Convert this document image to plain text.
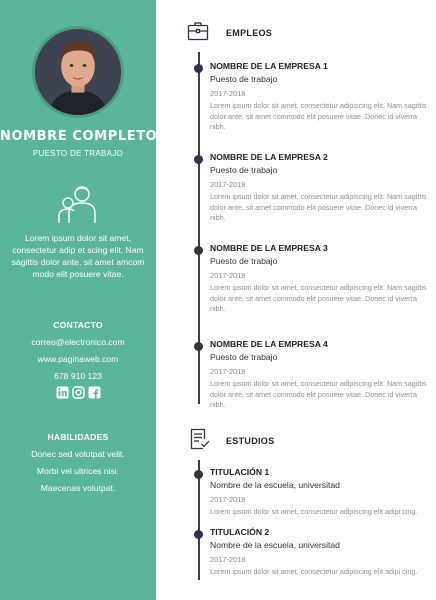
NOMBRE COMPLETO
PUESTO DE TRABAJO
Lorem ipsum dolor sit amet, consectetur adip et scing elit. Nam sagittis dolor ante, sit amet amcom modo elit posuere vitae.
CONTACTO
correo@electronico.com
www.paginaweb.com
678 910 123
HABILIDADES
Donec sed volutpat velit.
Morbi vel ultrices nisi.
Maecenas volutpat.
EMPLEOS
NOMBRE DE LA EMPRESA 1
Puesto de trabajo
2017-2018
Lorem ipsum dolor sit amet, consectetur adipiscing elit. Nam sagittis dolor ante, sit amet commodo elit posuere vitae. Donec id viverra nibh.
NOMBRE DE LA EMPRESA 2
Puesto de trabajo
2017-2018
Lorem ipsum dolor sit amet, consectetur adipiscing elit. Nam sagittis dolor ante, sit amet commodo elit posuere vitae. Donec id viverra nibh.
NOMBRE DE LA EMPRESA 3
Puesto de trabajo
2017-2018
Lorem ipsum dolor sit amet, consectetur adipiscing elit. Nam sagittis dolor ante, sit amet commodo elit posuere vitae. Donec id viverra nibh.
NOMBRE DE LA EMPRESA 4
Puesto de trabajo
2017-2018
Lorem ipsum dolor sit amet, consectetur adipiscing elit. Nam sagittis dolor ante, sit amet commodo elit posuere vitae. Donec id viverra nibh.
ESTUDIOS
TITULACIÓN 1
Nombre de la escuela, universitad
2017-2018
Lorem ipsum dolor sit amet, consectetur adipiscing elit adipi cing.
TITULACIÓN 2
Nombre de la escuela, universitad
2017-2018
Lorem ipsum dolor sit amet, consectetur adipiscing elit adipi cing.
